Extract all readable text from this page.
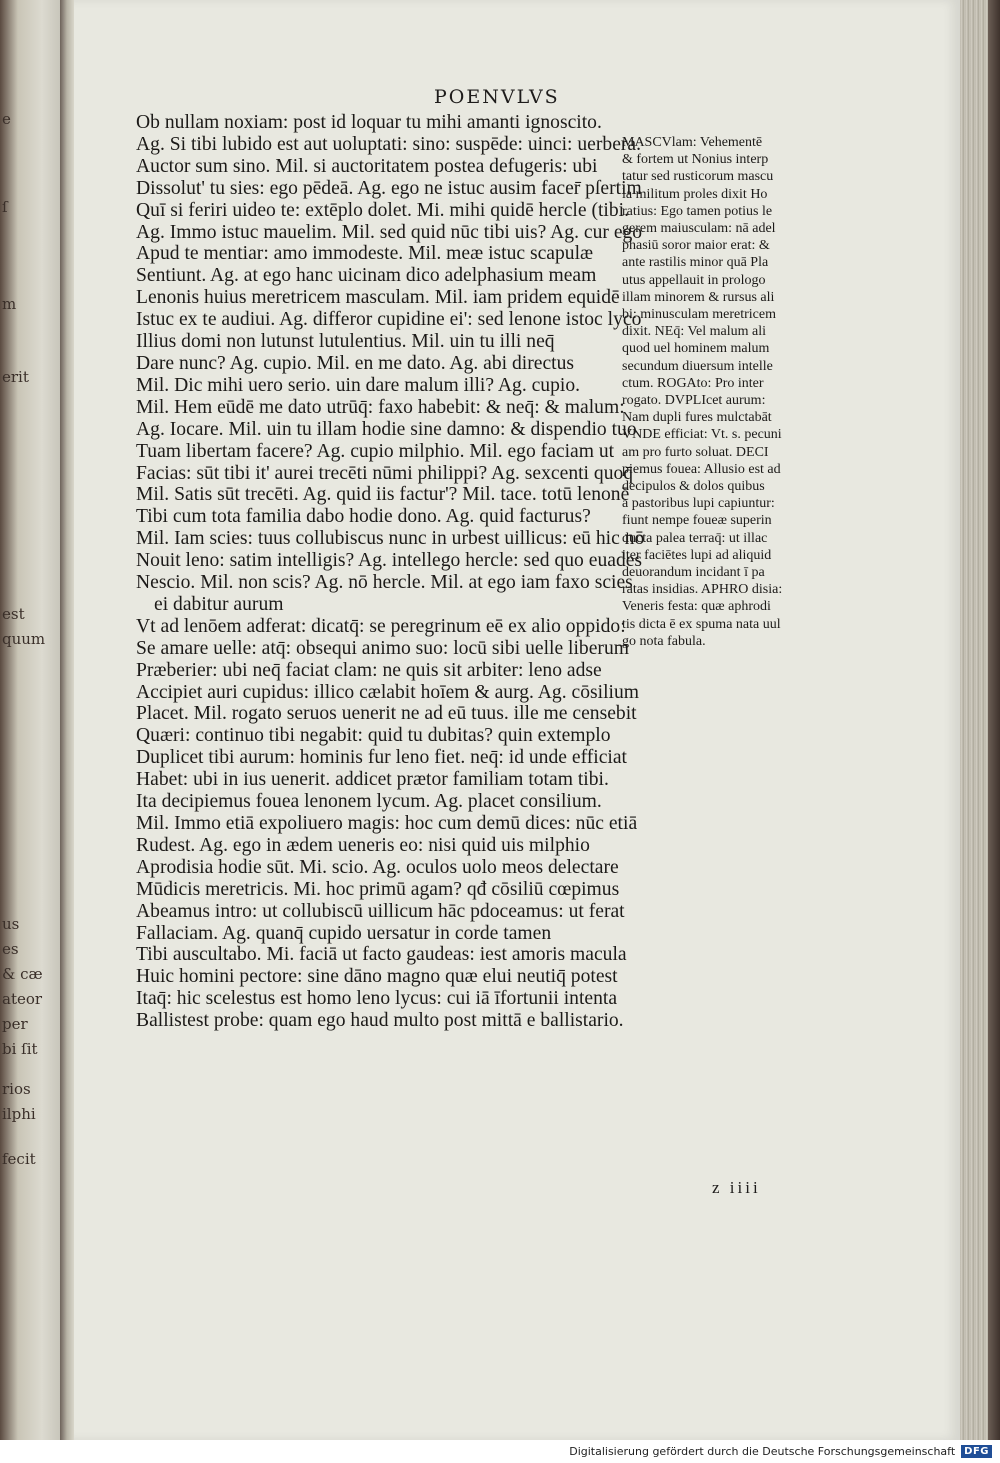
e
ſ
m
erit
est
quum
us
es
& cæ
ateor
per
bi ſit
rios
ilphi
fecit
POENVLVS
Ob nullam noxiam: post id loquar tu mihi amanti ignoscito.
Ag. Si tibi lubido est aut uoluptati: sino: suspēde: uinci: uerbera.
Auctor sum sino. Mil. si auctoritatem postea defugeris: ubi
Dissolut' tu sies: ego pēdeā. Ag. ego ne istuc ausim facer̄ pſertim
Quī si feriri uideo te: extēplo dolet. Mi. mihi quidē hercle (tibi.
Ag. Immo istuc mauelim. Mil. sed quid nūc tibi uis? Ag. cur ego
Apud te mentiar: amo immodeste. Mil. meæ istuc scapulæ
Sentiunt. Ag. at ego hanc uicinam dico adelphasium meam
Lenonis huius meretricem masculam. Mil. iam pridem equidē
Istuc ex te audiui. Ag. differor cupidine ei': sed lenone istoc lyco
Illius domi non lutunst lutulentius. Mil. uin tu illi neq̄
Dare nunc? Ag. cupio. Mil. en me dato. Ag. abi directus
Mil. Dic mihi uero serio. uin dare malum illi? Ag. cupio.
Mil. Hem eūdē me dato utrūq̄: faxo habebit: & neq̄: & malum:
Ag. Iocare. Mil. uin tu illam hodie sine damno: & dispendio tuo
Tuam libertam facere? Ag. cupio milphio. Mil. ego faciam ut
Facias: sūt tibi it' aurei trecēti nūmi philippi? Ag. sexcenti quoq̄
Mil. Satis sūt trecēti. Ag. quid iis factur'? Mil. tace. totū lenonē
Tibi cum tota familia dabo hodie dono. Ag. quid facturus?
Mil. Iam scies: tuus collubiscus nunc in urbest uillicus: eū hic nō
Nouit leno: satim intelligis? Ag. intellego hercle: sed quo euades
Nescio. Mil. non scis? Ag. nō hercle. Mil. at ego iam faxo scies
ei dabitur aurum
Vt ad lenōem adferat: dicatq̄: se peregrinum eē ex alio oppido:
Se amare uelle: atq̄: obsequi animo suo: locū sibi uelle liberum
Præberier: ubi neq̄ faciat clam: ne quis sit arbiter: leno adse
Accipiet auri cupidus: illico cælabit hoīem & aurg. Ag. cōsilium
Placet. Mil. rogato seruos uenerit ne ad eū tuus. ille me censebit
Quæri: continuo tibi negabit: quid tu dubitas? quin extemplo
Duplicet tibi aurum: hominis fur leno fiet. neq̄: id unde efficiat
Habet: ubi in ius uenerit. addicet prætor familiam totam tibi.
Ita decipiemus fouea lenonem lycum. Ag. placet consilium.
Mil. Immo etiā expoliuero magis: hoc cum demū dices: nūc etiā
Rudest. Ag. ego in ædem ueneris eo: nisi quid uis milphio
Aprodisia hodie sūt. Mi. scio. Ag. oculos uolo meos delectare
Mūdicis meretricis. Mi. hoc primū agam? qđ cōsiliū cœpimus
Abeamus intro: ut collubiscū uillicum hāc pdoceamus: ut ferat
Fallaciam. Ag. quanq̄ cupido uersatur in corde tamen
Tibi auscultabo. Mi. faciā ut facto gaudeas: iest amoris macula
Huic homini pectore: sine dāno magno quæ elui neutiq̄ potest
Itaq̄: hic scelestus est homo leno lycus: cui iā īfortunii intenta
Ballistest probe: quam ego haud multo post mittā e ballistario.
MASCVlam: Vehementē
& fortem ut Nonius interp
tatur sed rusticorum mascu
la militum proles dixit Ho
ratius: Ego tamen potius le
gerem maiusculam: nā adel
phasiū soror maior erat: &
ante rastilis minor quā Pla
utus appellauit in prologo
illam minorem & rursus ali
bi: minusculam meretricem
dixit. NEq̄: Vel malum ali
quod uel hominem malum
secundum diuersum intelle
ctum. ROGAto: Pro inter
rogato. DVPLIcet aurum:
Nam dupli fures mulctabāt
VNDE efficiat: Vt. s. pecuni
am pro furto soluat. DECI
piemus fouea: Allusio est ad
decipulos & dolos quibus
a pastoribus lupi capiuntur:
fiunt nempe foueæ superin
ducta palea terraq̄: ut illac
iter faciētes lupi ad aliquid
deuorandum incidant ī pa
ratas insidias. APHRO disia:
Veneris festa: quæ aphrodi
tis dicta ē ex spuma nata uul
go nota fabula.
z iiii
Digitalisierung gefördert durch die Deutsche Forschungsgemeinschaft DFG
